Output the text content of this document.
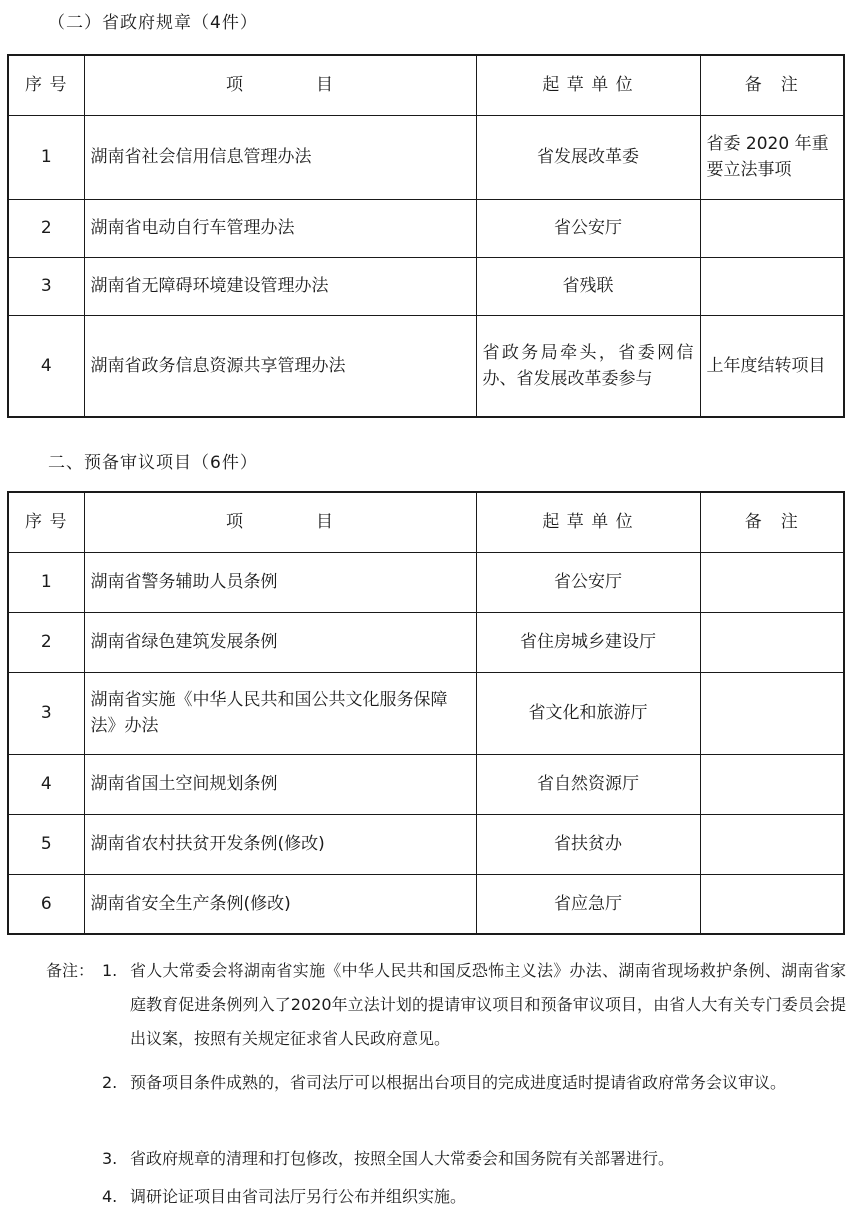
（二）省政府规章（4件）
序 号	项　　　　目	起 草 单 位	备　注
1	湖南省社会信用信息管理办法	省发展改革委	省委 2020 年重要立法事项
2	湖南省电动自行车管理办法	省公安厅	
3	湖南省无障碍环境建设管理办法	省残联	
4	湖南省政务信息资源共享管理办法	省政务局牵头，省委网信办、省发展改革委参与	上年度结转项目
二、预备审议项目（6件）
序 号	项　　　　目	起 草 单 位	备　注
1	湖南省警务辅助人员条例	省公安厅	
2	湖南省绿色建筑发展条例	省住房城乡建设厅	
3	湖南省实施《中华人民共和国公共文化服务保障法》办法	省文化和旅游厅	
4	湖南省国土空间规划条例	省自然资源厅	
5	湖南省农村扶贫开发条例(修改)	省扶贫办	
6	湖南省安全生产条例(修改)	省应急厅	
备注： 1. 省人大常委会将湖南省实施《中华人民共和国反恐怖主义法》办法、湖南省现场救护条例、湖南省家庭教育促进条例列入了2020年立法计划的提请审议项目和预备审议项目，由省人大有关专门委员会提出议案，按照有关规定征求省人民政府意见。
2. 预备项目条件成熟的，省司法厅可以根据出台项目的完成进度适时提请省政府常务会议审议。
3. 省政府规章的清理和打包修改，按照全国人大常委会和国务院有关部署进行。
4. 调研论证项目由省司法厅另行公布并组织实施。
